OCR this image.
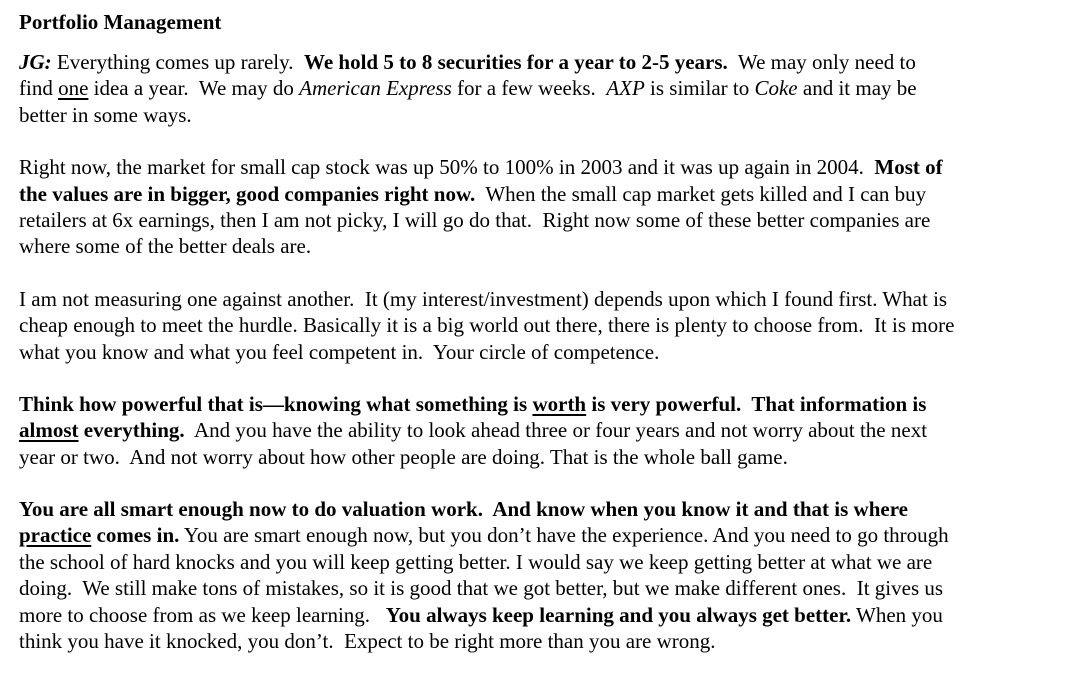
Portfolio Management
JG: Everything comes up rarely.  We hold 5 to 8 securities for a year to 2-5 years.  We may only need to
find one idea a year.  We may do American Express for a few weeks.  AXP is similar to Coke and it may be
better in some ways.
Right now, the market for small cap stock was up 50% to 100% in 2003 and it was up again in 2004.  Most of
the values are in bigger, good companies right now.  When the small cap market gets killed and I can buy
retailers at 6x earnings, then I am not picky, I will go do that.  Right now some of these better companies are
where some of the better deals are.
I am not measuring one against another.  It (my interest/investment) depends upon which I found first. What is
cheap enough to meet the hurdle. Basically it is a big world out there, there is plenty to choose from.  It is more
what you know and what you feel competent in.  Your circle of competence.
Think how powerful that is—knowing what something is worth is very powerful.  That information is
almost everything.  And you have the ability to look ahead three or four years and not worry about the next
year or two.  And not worry about how other people are doing. That is the whole ball game.
You are all smart enough now to do valuation work.  And know when you know it and that is where
practice comes in. You are smart enough now, but you don’t have the experience. And you need to go through
the school of hard knocks and you will keep getting better. I would say we keep getting better at what we are
doing.  We still make tons of mistakes, so it is good that we got better, but we make different ones.  It gives us
more to choose from as we keep learning.   You always keep learning and you always get better. When you
think you have it knocked, you don’t.  Expect to be right more than you are wrong.
